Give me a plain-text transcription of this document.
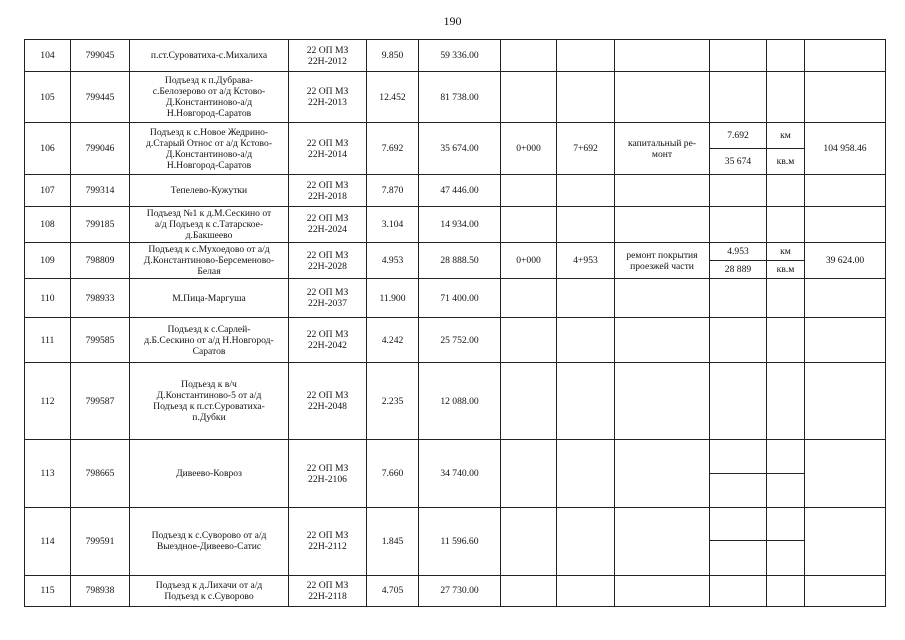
190
104	799045	п.ст.Суроватиха-с.Михалиха	22 ОП МЗ
22Н-2012	9.850	59 336.00						
105	799445	Подъезд к п.Дубрава-
с.Белозерово от а/д Кстово-
Д.Константиново-а/д
Н.Новгород-Саратов	22 ОП МЗ
22Н-2013	12.452	81 738.00						
106	799046	Подъезд к с.Новое Жедрино-
д.Старый Относ от а/д Кстово-
Д.Константиново-а/д
Н.Новгород-Саратов	22 ОП МЗ
22Н-2014	7.692	35 674.00	0+000	7+692	капитальный ре-
монт	7.692	км	104 958.46
									35 674	кв.м	
107	799314	Тепелево-Кужутки	22 ОП МЗ
22Н-2018	7.870	47 446.00						
108	799185	Подъезд №1 к д.М.Сескино от
а/д Подъезд к с.Татарское-
д.Бакшеево	22 ОП МЗ
22Н-2024	3.104	14 934.00						
109	798809	Подъезд к с.Мухоедово от а/д
Д.Константиново-Берсеменово-
Белая	22 ОП МЗ
22Н-2028	4.953	28 888.50	0+000	4+953	ремонт покрытия
проезжей части	4.953	км	39 624.00
									28 889	кв.м	
110	798933	М.Пица-Маргуша	22 ОП МЗ
22Н-2037	11.900	71 400.00						
111	799585	Подъезд к с.Сарлей-
д.Б.Сескино от а/д Н.Новгород-
Саратов	22 ОП МЗ
22Н-2042	4.242	25 752.00						
112	799587	Подъезд к в/ч
Д.Константиново-5 от а/д
Подъезд к п.ст.Суроватиха-
п.Дубки	22 ОП МЗ
22Н-2048	2.235	12 088.00						
113	798665	Дивеево-Ковроз	22 ОП МЗ
22Н-2106	7.660	34 740.00						

114	799591	Подъезд к с.Суворово от а/д
Выездное-Дивеево-Сатис	22 ОП МЗ
22Н-2112	1.845	11 596.60						

115	798938	Подъезд к д.Лихачи от а/д
Подъезд к с.Суворово	22 ОП МЗ
22Н-2118	4.705	27 730.00						
